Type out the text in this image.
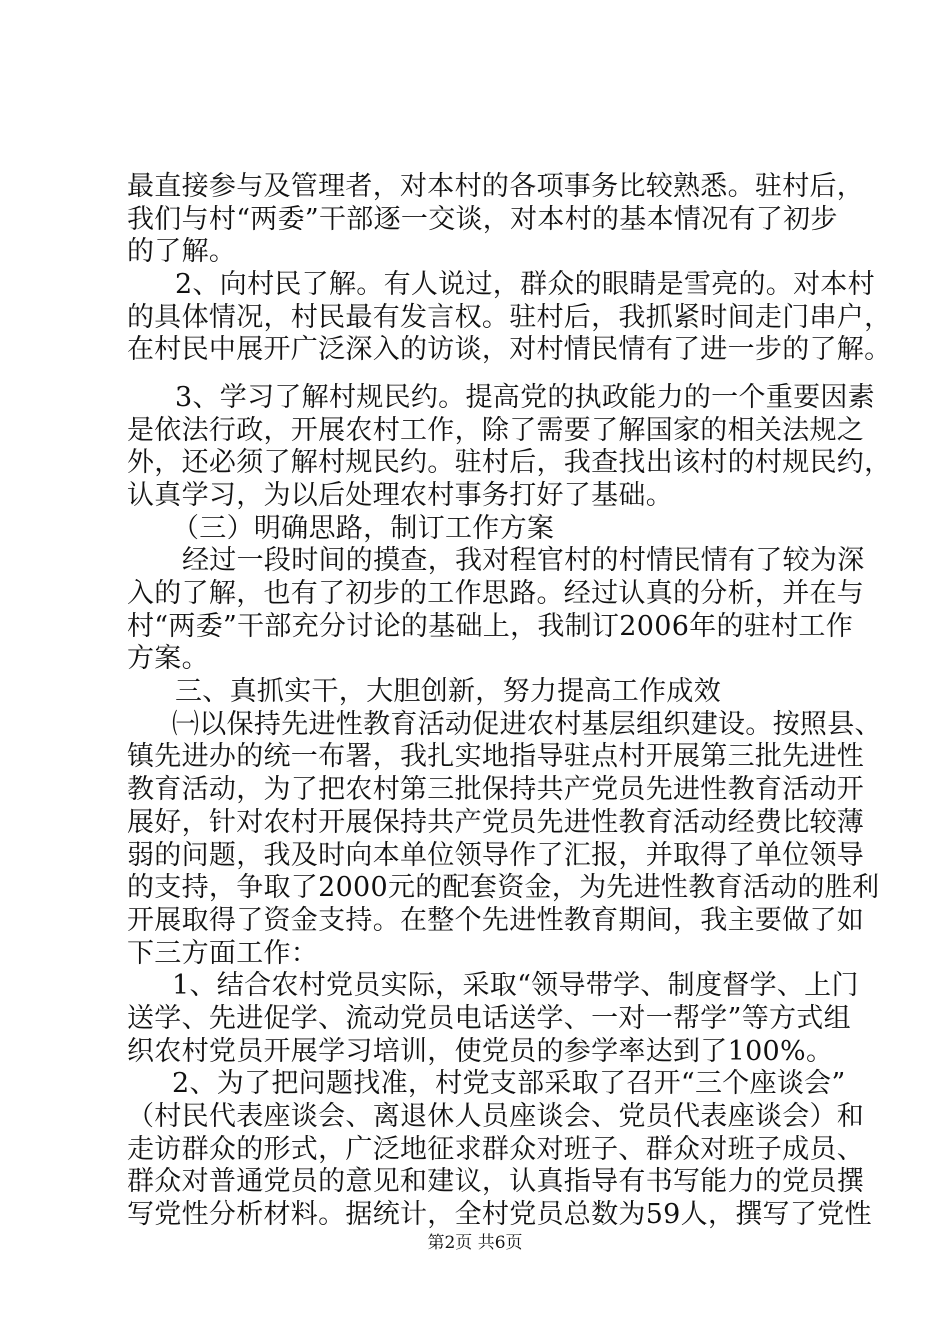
最直接参与及管理者，对本村的各项事务比较熟悉。驻村后，
我们与村“两委”干部逐一交谈，对本村的基本情况有了初步
的了解。
2、向村民了解。有人说过，群众的眼睛是雪亮的。对本村
的具体情况，村民最有发言权。驻村后，我抓紧时间走门串户，
在村民中展开广泛深入的访谈，对村情民情有了进一步的了解。
3、学习了解村规民约。提高党的执政能力的一个重要因素
是依法行政，开展农村工作，除了需要了解国家的相关法规之
外，还必须了解村规民约。驻村后，我查找出该村的村规民约，
认真学习，为以后处理农村事务打好了基础。
（三）明确思路，制订工作方案
经过一段时间的摸查，我对程官村的村情民情有了较为深
入的了解，也有了初步的工作思路。经过认真的分析，并在与
村“两委”干部充分讨论的基础上，我制订2006年的驻村工作
方案。
三、真抓实干，大胆创新，努力提高工作成效
㈠以保持先进性教育活动促进农村基层组织建设。按照县、
镇先进办的统一布署，我扎实地指导驻点村开展第三批先进性
教育活动，为了把农村第三批保持共产党员先进性教育活动开
展好，针对农村开展保持共产党员先进性教育活动经费比较薄
弱的问题，我及时向本单位领导作了汇报，并取得了单位领导
的支持，争取了2000元的配套资金，为先进性教育活动的胜利
开展取得了资金支持。在整个先进性教育期间，我主要做了如
下三方面工作：
1、结合农村党员实际，采取“领导带学、制度督学、上门
送学、先进促学、流动党员电话送学、一对一帮学”等方式组
织农村党员开展学习培训，使党员的参学率达到了100%。
2、为了把问题找准，村党支部采取了召开“三个座谈会”
（村民代表座谈会、离退休人员座谈会、党员代表座谈会）和
走访群众的形式，广泛地征求群众对班子、群众对班子成员、
群众对普通党员的意见和建议，认真指导有书写能力的党员撰
写党性分析材料。据统计，全村党员总数为59人，撰写了党性
第2页 共6页
